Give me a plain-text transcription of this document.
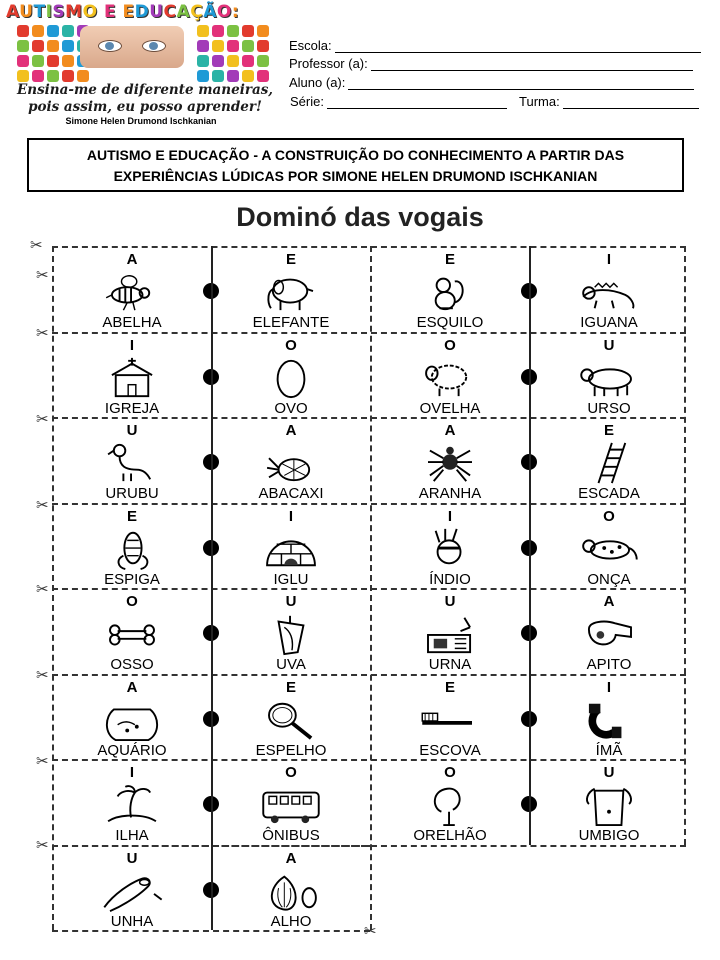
AUTISMO E EDUCAÇÃO:
Ensina-me de diferente maneiras,
pois assim, eu posso aprender!
Simone Helen Drumond Ischkanian
Escola:
Professor (a):
Aluno (a):
Série:	Turma:
AUTISMO E EDUCAÇÃO - A CONSTRUIÇÃO DO CONHECIMENTO A PARTIR DAS
EXPERIÊNCIAS LÚDICAS POR SIMONE HELEN DRUMOND ISCHKANIAN
Dominó das vogais
A
ABELHA
E
ELEFANTE
E
ESQUILO
I
IGUANA
I
IGREJA
O
OVO
O
OVELHA
U
URSO
U
URUBU
A
ABACAXI
A
ARANHA
E
ESCADA
E
ESPIGA
I
IGLU
I
ÍNDIO
O
ONÇA
O
OSSO
U
UVA
U
URNA
A
APITO
A
AQUÁRIO
E
ESPELHO
E
ESCOVA
I
ÍMÃ
I
ILHA
O
ÔNIBUS
O
ORELHÃO
U
UMBIGO
U
UNHA
A
ALHO
✂
✂
✂
✂
✂
✂
✂
✂
✂
✂
